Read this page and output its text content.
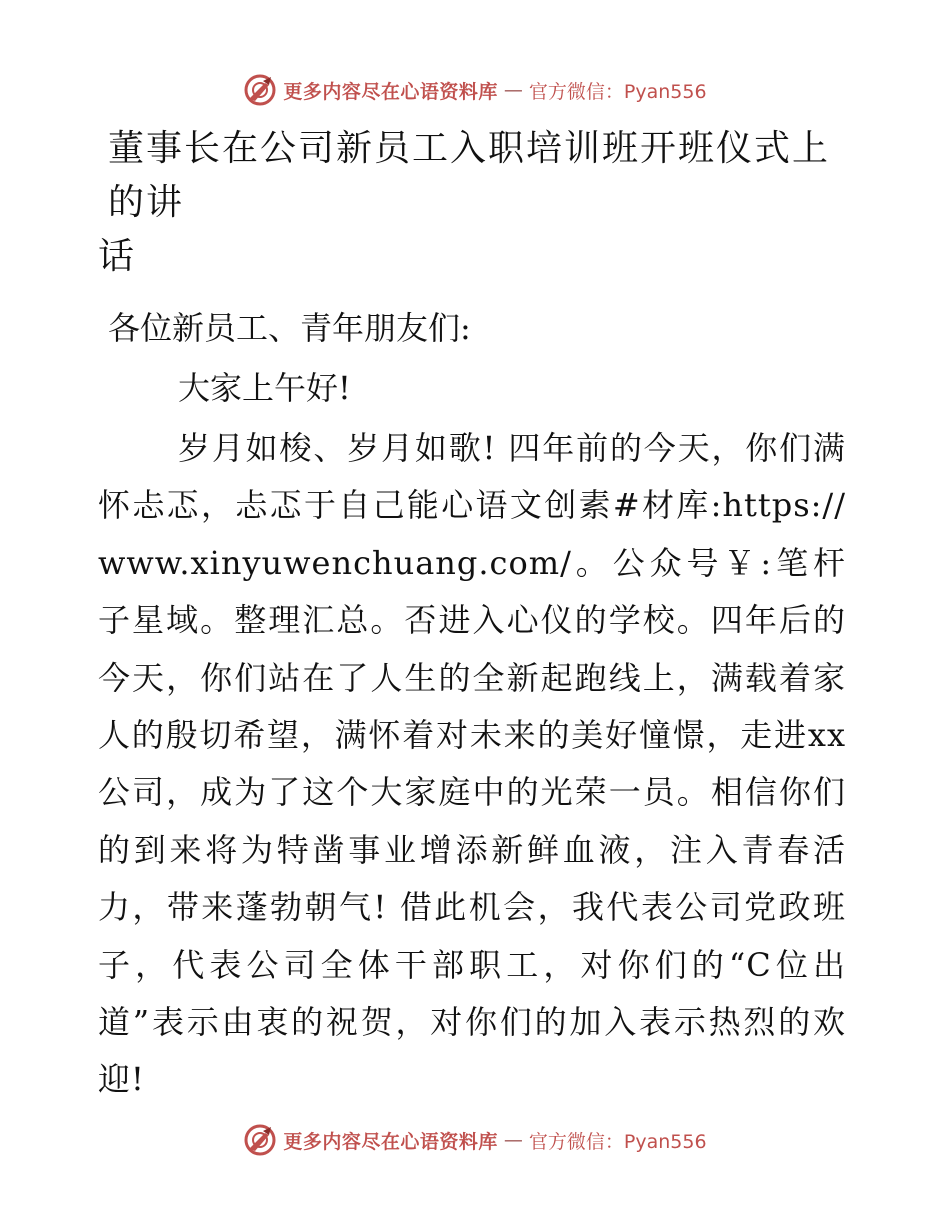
更多内容尽在心语资料库 — 官方微信：Pyan556
董事长在公司新员工入职培训班开班仪式上的讲
话

各位新员工、青年朋友们:

大家上午好!

岁月如梭、岁月如歌! 四年前的今天，你们满怀忐忑，忐忑于自己能心语文创素#材库:https://www.xinyuwenchuang.com/。公众号￥:笔杆子星域。整理汇总。否进入心仪的学校。四年后的今天，你们站在了人生的全新起跑线上，满载着家人的殷切希望，满怀着对未来的美好憧憬，走进xx公司，成为了这个大家庭中的光荣一员。相信你们的到来将为特凿事业增添新鲜血液，注入青春活力，带来蓬勃朝气! 借此机会，我代表公司党政班子，代表公司全体干部职工，对你们的“C位出道”表示由衷的祝贺，对你们的加入表示热烈的欢迎!

更多内容尽在心语资料库 — 官方微信：Pyan556
